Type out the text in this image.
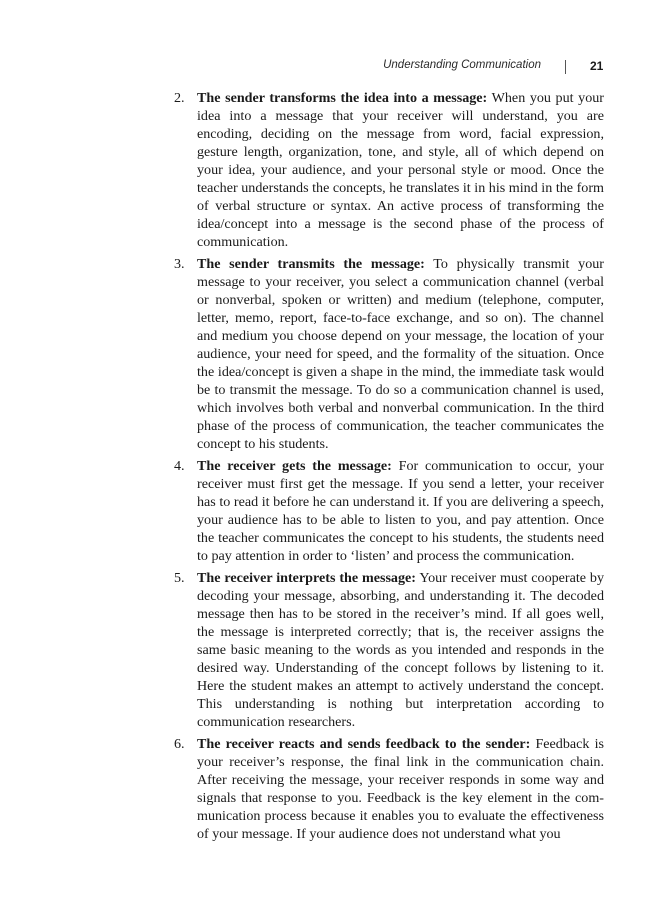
Understanding Communication	21
2. The sender transforms the idea into a message: When you put your idea into a message that your receiver will understand, you are encoding, deciding on the message from word, facial expression, gesture length, organization, tone, and style, all of which depend on your idea, your audience, and your personal style or mood. Once the teacher understands the concepts, he translates it in his mind in the form of verbal structure or syntax. An active process of transforming the idea/concept into a message is the second phase of the process of communication.
3. The sender transmits the message: To physically transmit your message to your receiver, you select a communication channel (verbal or nonverbal, spoken or written) and medium (telephone, computer, letter, memo, report, face-to-face exchange, and so on). The channel and medium you choose depend on your message, the location of your audience, your need for speed, and the formality of the situation. Once the idea/concept is given a shape in the mind, the immediate task would be to transmit the message. To do so a communication channel is used, which involves both verbal and nonverbal communication. In the third phase of the process of communication, the teacher communicates the concept to his students.
4. The receiver gets the message: For communication to occur, your receiver must first get the message. If you send a letter, your receiver has to read it before he can understand it. If you are delivering a speech, your audience has to be able to listen to you, and pay attention. Once the teacher communicates the concept to his students, the students need to pay attention in order to ‘listen’ and process the communication.
5. The receiver interprets the message: Your receiver must cooperate by decoding your message, absorbing, and understanding it. The decoded message then has to be stored in the receiver’s mind. If all goes well, the message is interpreted correctly; that is, the receiver assigns the same basic meaning to the words as you intended and responds in the desired way. Understanding of the concept follows by listening to it. Here the student makes an attempt to actively understand the concept. This understanding is nothing but interpretation according to communication researchers.
6. The receiver reacts and sends feedback to the sender: Feedback is your receiver’s response, the final link in the communication chain. After receiving the message, your receiver responds in some way and signals that response to you. Feedback is the key element in the communication process because it enables you to evaluate the effectiveness of your message. If your audience does not understand what you
